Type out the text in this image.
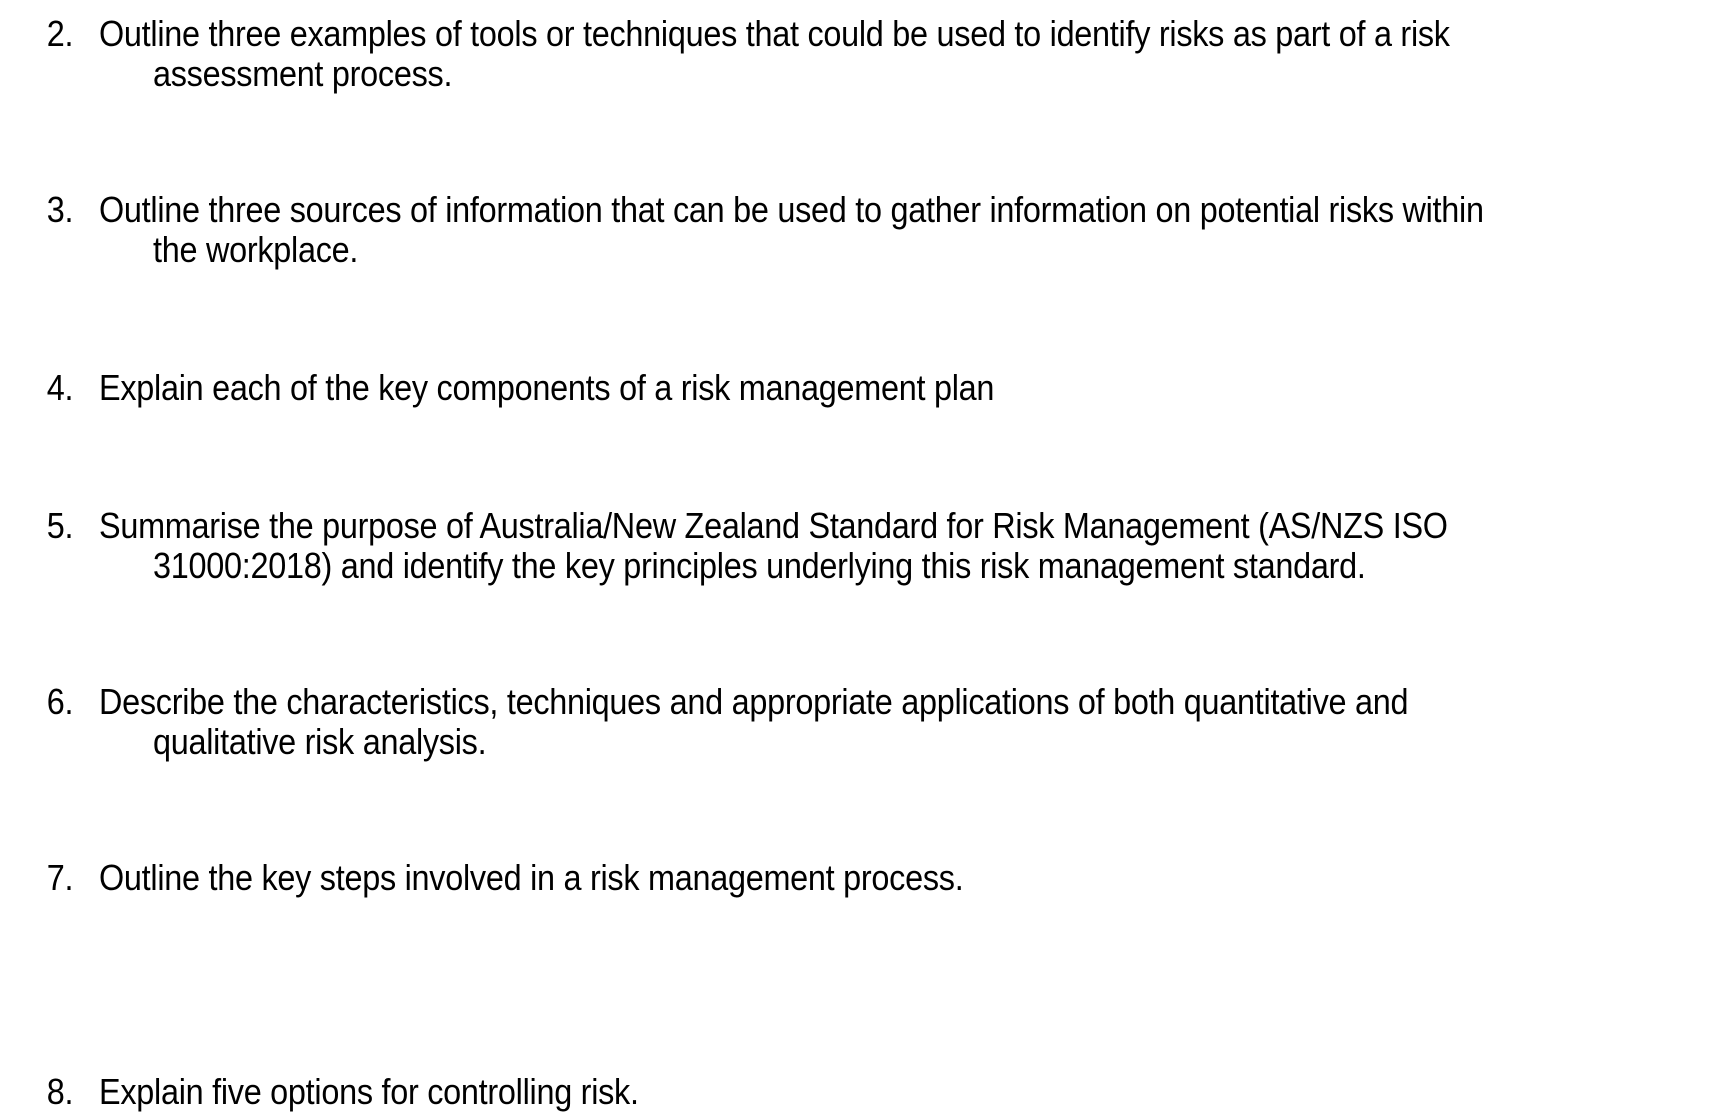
2. Outline three examples of tools or techniques that could be used to identify risks as part of a risk
assessment process.
3. Outline three sources of information that can be used to gather information on potential risks within
the workplace.
4. Explain each of the key components of a risk management plan
5. Summarise the purpose of Australia/New Zealand Standard for Risk Management (AS/NZS ISO
31000:2018) and identify the key principles underlying this risk management standard.
6. Describe the characteristics, techniques and appropriate applications of both quantitative and
qualitative risk analysis.
7. Outline the key steps involved in a risk management process.
8. Explain five options for controlling risk.
